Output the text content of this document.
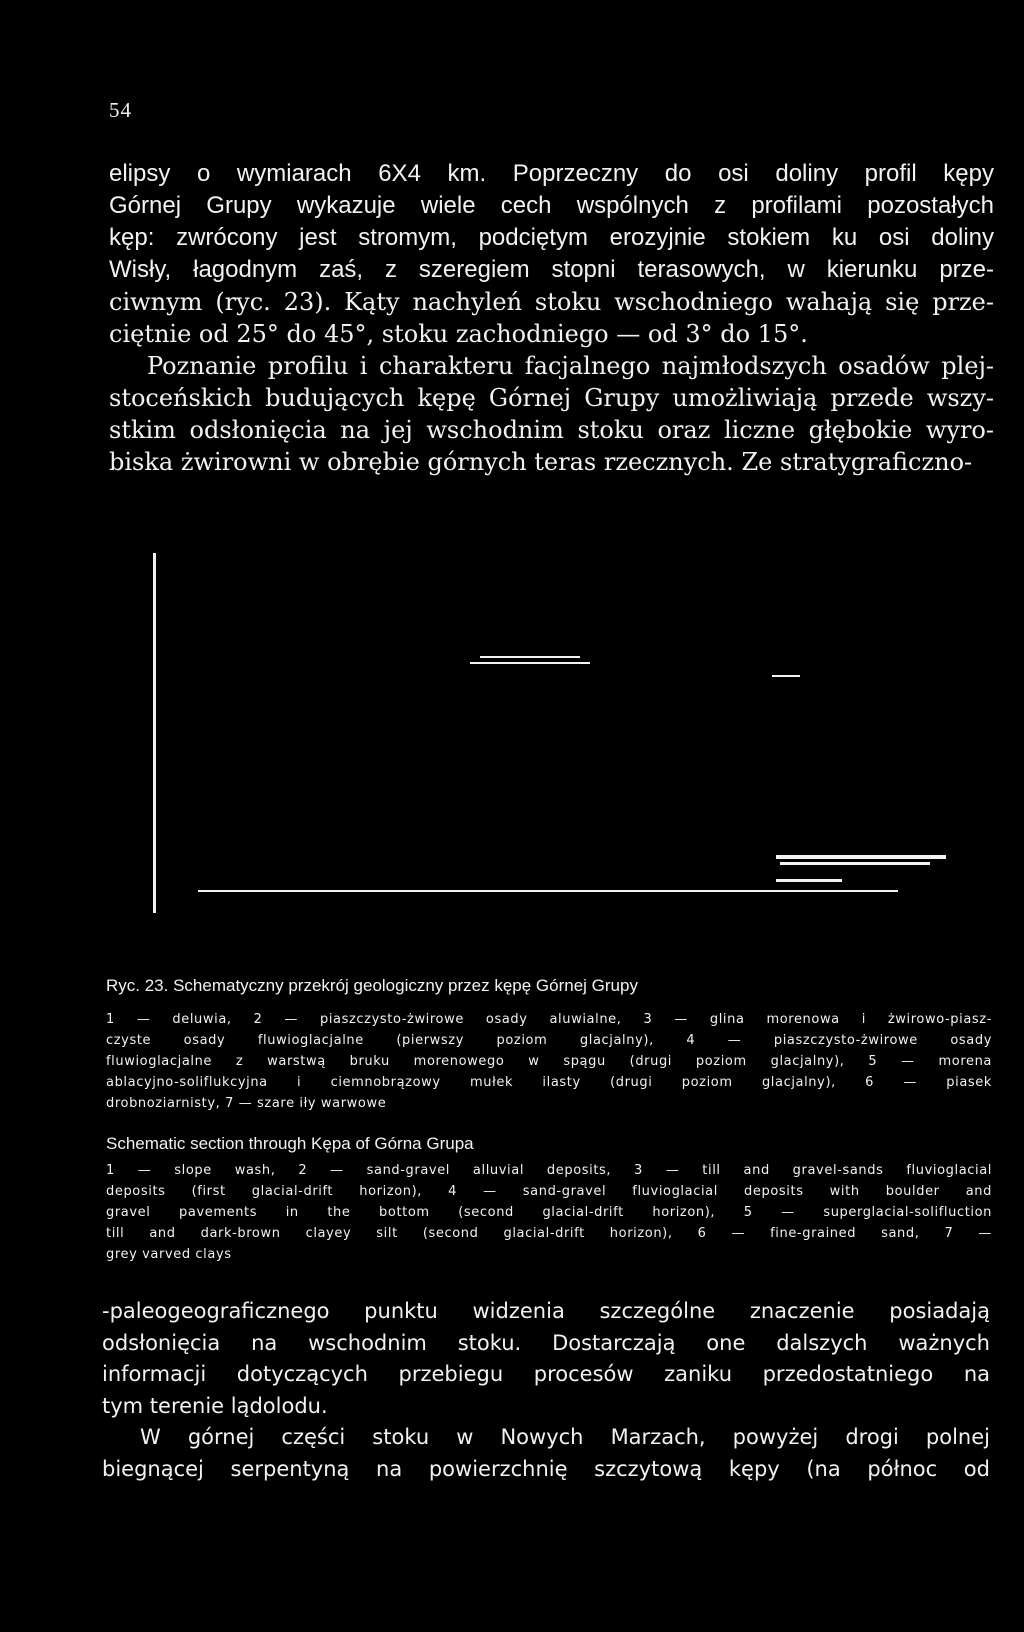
54
elipsy o wymiarach 6X4 km. Poprzeczny do osi doliny profil kępy
Górnej Grupy wykazuje wiele cech wspólnych z profilami pozostałych
kęp: zwrócony jest stromym, podciętym erozyjnie stokiem ku osi doliny
Wisły, łagodnym zaś, z szeregiem stopni terasowych, w kierunku prze-
ciwnym (ryc. 23). Kąty nachyleń stoku wschodniego wahają się prze-
ciętnie od 25° do 45°, stoku zachodniego — od 3° do 15°.
Poznanie profilu i charakteru facjalnego najmłodszych osadów plej-
stoceńskich budujących kępę Górnej Grupy umożliwiają przede wszy-
stkim odsłonięcia na jej wschodnim stoku oraz liczne głębokie wyro-
biska żwirowni w obrębie górnych teras rzecznych. Ze stratygraficzno-
Ryc. 23. Schematyczny przekrój geologiczny przez kępę Górnej Grupy
1 — deluwia, 2 — piaszczysto-żwirowe osady aluwialne, 3 — glina morenowa i żwirowo-piasz-
czyste osady fluwioglacjalne (pierwszy poziom glacjalny), 4 — piaszczysto-żwirowe osady
fluwioglacjalne z warstwą bruku morenowego w spągu (drugi poziom glacjalny), 5 — morena
ablacyjno-soliflukcyjna i ciemnobrązowy mułek ilasty (drugi poziom glacjalny), 6 — piasek
drobnoziarnisty, 7 — szare iły warwowe
Schematic section through Kępa of Górna Grupa
1 — slope wash, 2 — sand-gravel alluvial deposits, 3 — till and gravel-sands fluvioglacial
deposits (first glacial-drift horizon), 4 — sand-gravel fluvioglacial deposits with boulder and
gravel pavements in the bottom (second glacial-drift horizon), 5 — superglacial-solifluction
till and dark-brown clayey silt (second glacial-drift horizon), 6 — fine-grained sand, 7 —
grey varved clays
-paleogeograficznego punktu widzenia szczególne znaczenie posiadają
odsłonięcia na wschodnim stoku. Dostarczają one dalszych ważnych
informacji dotyczących przebiegu procesów zaniku przedostatniego na
tym terenie lądolodu.
W górnej części stoku w Nowych Marzach, powyżej drogi polnej
biegnącej serpentyną na powierzchnię szczytową kępy (na północ od
